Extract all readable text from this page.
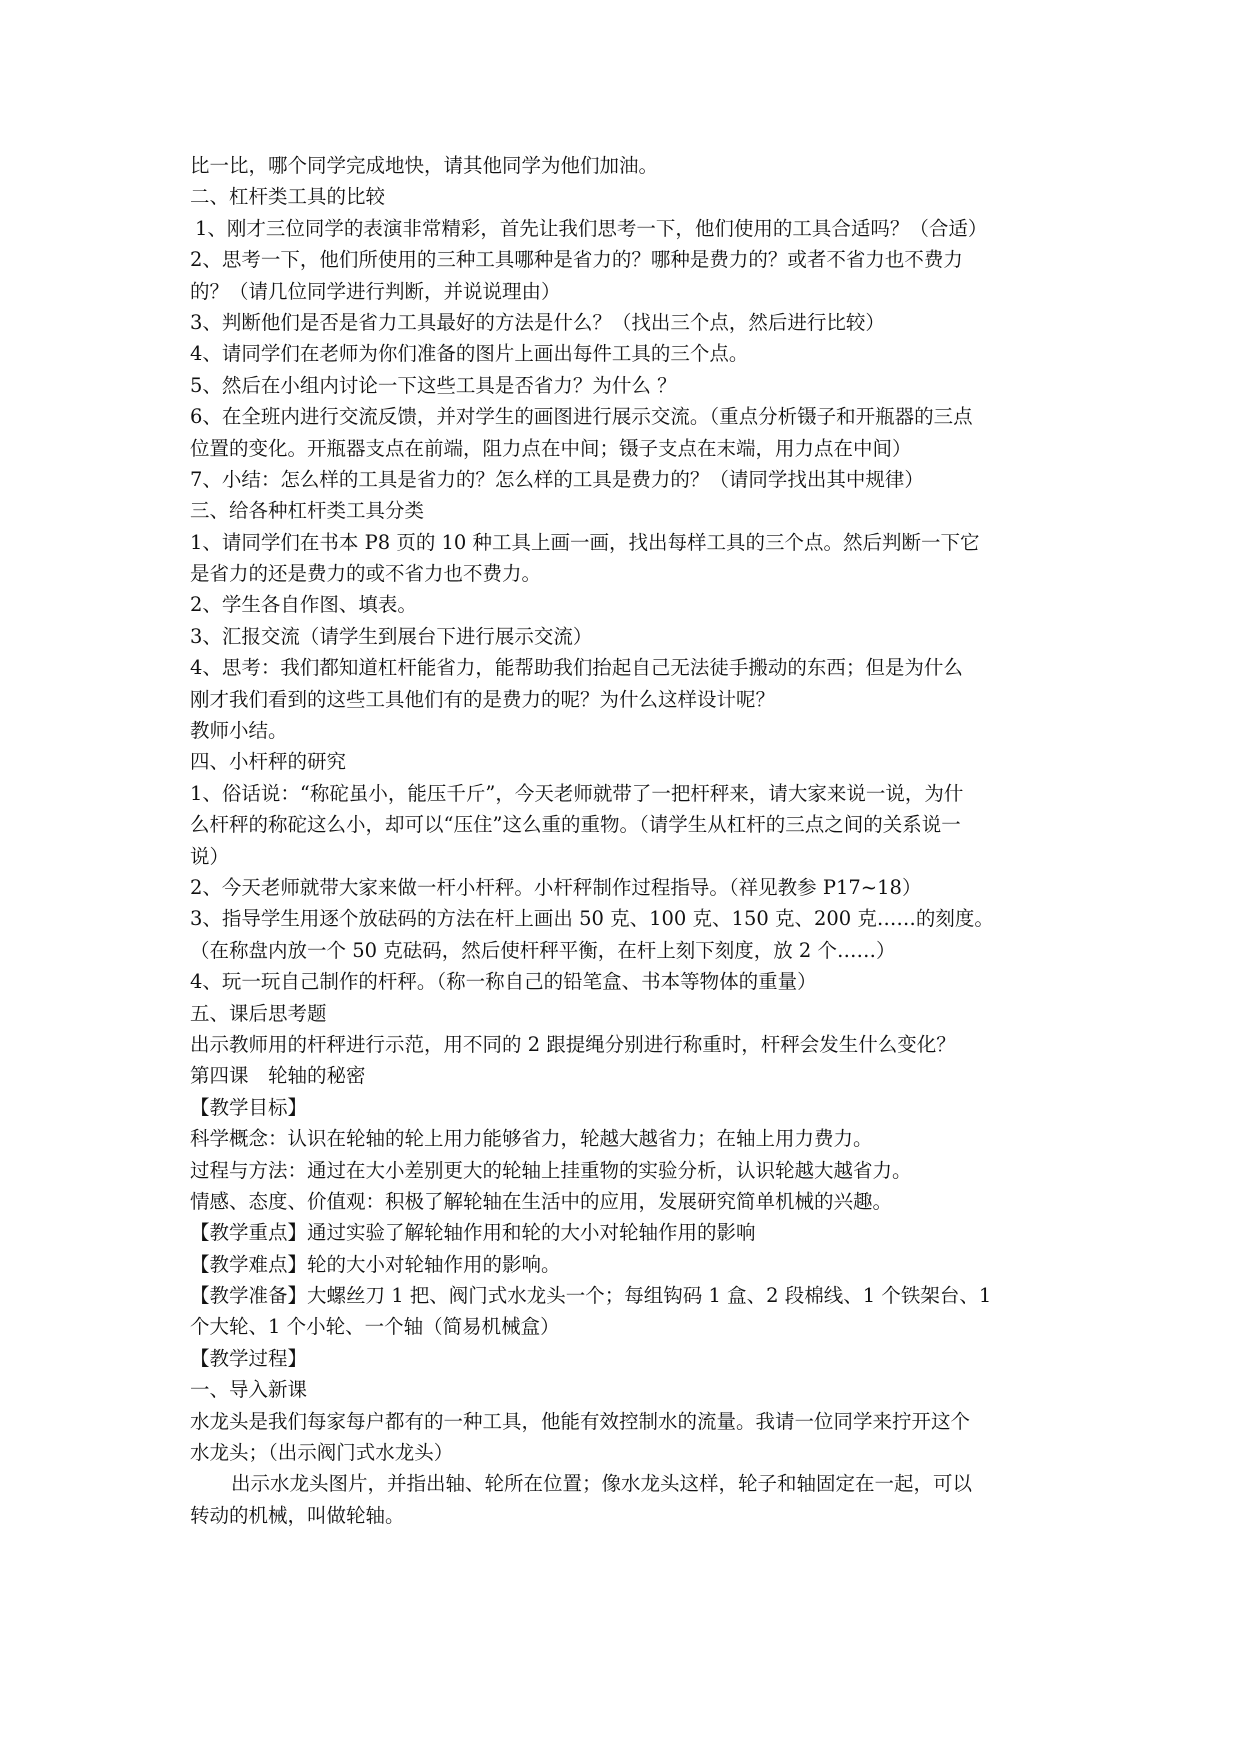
比一比，哪个同学完成地快，请其他同学为他们加油。
二、杠杆类工具的比较
1、刚才三位同学的表演非常精彩，首先让我们思考一下，他们使用的工具合适吗？（合适）
2、思考一下，他们所使用的三种工具哪种是省力的？哪种是费力的？或者不省力也不费力
的？（请几位同学进行判断，并说说理由）
3、判断他们是否是省力工具最好的方法是什么？（找出三个点，然后进行比较）
4、请同学们在老师为你们准备的图片上画出每件工具的三个点。
5、然后在小组内讨论一下这些工具是否省力？为什么 ？
6、在全班内进行交流反馈，并对学生的画图进行展示交流。（重点分析镊子和开瓶器的三点
位置的变化。开瓶器支点在前端，阻力点在中间；镊子支点在末端，用力点在中间）
7、小结：怎么样的工具是省力的？怎么样的工具是费力的？（请同学找出其中规律）
三、给各种杠杆类工具分类
1、请同学们在书本 P8 页的 10 种工具上画一画，找出每样工具的三个点。然后判断一下它
是省力的还是费力的或不省力也不费力。
2、学生各自作图、填表。
3、汇报交流（请学生到展台下进行展示交流）
4、思考：我们都知道杠杆能省力，能帮助我们抬起自己无法徒手搬动的东西；但是为什么
刚才我们看到的这些工具他们有的是费力的呢？为什么这样设计呢？
教师小结。
四、小杆秤的研究
1、俗话说：“称砣虽小，能压千斤”，今天老师就带了一把杆秤来，请大家来说一说，为什
么杆秤的称砣这么小，却可以“压住”这么重的重物。（请学生从杠杆的三点之间的关系说一
说）
2、今天老师就带大家来做一杆小杆秤。小杆秤制作过程指导。（祥见教参 P17~18）
3、指导学生用逐个放砝码的方法在杆上画出 50 克、100 克、150 克、200 克……的刻度。
（在称盘内放一个 50 克砝码，然后使杆秤平衡，在杆上刻下刻度，放 2 个……）
4、玩一玩自己制作的杆秤。（称一称自己的铅笔盒、书本等物体的重量）
五、课后思考题
出示教师用的杆秤进行示范，用不同的 2 跟提绳分别进行称重时，杆秤会发生什么变化？
第四课　轮轴的秘密
【教学目标】
科学概念：认识在轮轴的轮上用力能够省力，轮越大越省力；在轴上用力费力。
过程与方法：通过在大小差别更大的轮轴上挂重物的实验分析，认识轮越大越省力。
情感、态度、价值观：积极了解轮轴在生活中的应用，发展研究简单机械的兴趣。
【教学重点】通过实验了解轮轴作用和轮的大小对轮轴作用的影响
【教学难点】轮的大小对轮轴作用的影响。
【教学准备】大螺丝刀 1 把、阀门式水龙头一个；每组钩码 1 盒、2 段棉线、1 个铁架台、1
个大轮、1 个小轮、一个轴（简易机械盒）
【教学过程】
一、导入新课
水龙头是我们每家每户都有的一种工具，他能有效控制水的流量。我请一位同学来拧开这个
水龙头；（出示阀门式水龙头）
出示水龙头图片，并指出轴、轮所在位置；像水龙头这样，轮子和轴固定在一起，可以
转动的机械，叫做轮轴。
